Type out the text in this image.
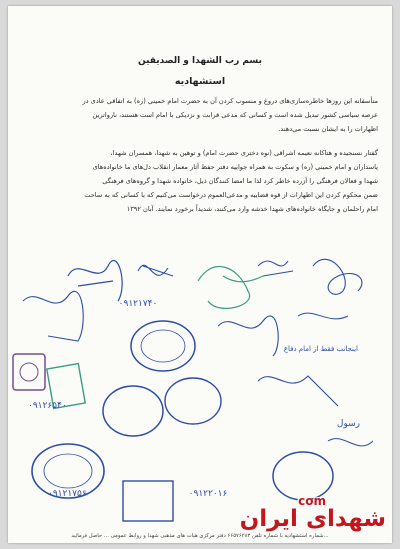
بسم رب الشهدا و الصدیقین
استشهادیه
متأسفانه این روزها خاطره‌سازی‌های دروغ و منسوب کردن آن به حضرت امام خمینی (ره) به اتفاقی عادی در
عرصه سیاسی کشور تبدیل شده است و کسانی که مدعی قرابت و نزدیکی با امام است هستند، ناروا‌ترین
اظهارات را به ایشان نسبت می‌دهند.
گفتار نسنجیده و هتاکانه نعیمه اشراقی (نوه دختری حضرت امام) و توهین به شهدا، همسران شهدا،
پاسداران و امام خمینی (ره) و سکوت به همراه جوابیه دفتر حفظ آثار معمار انقلاب دل‌های ما خانواده‌های
شهدا و فعالان فرهنگی را آزرده خاطر کرد لذا ما امضا کنندگان ذیل، خانواده شهدا و گروه‌های فرهنگی
ضمن محکوم کردن این اظهارات از قوه قضاییه و مدعی‌العموم درخواست می‌کنیم که با کسانی که به ساحت
امام راحلمان و جایگاه خانواده‌های شهدا خدشه وارد می‌کنند، شدیداً برخورد نمایند. آبان ۱۳۹۲
۰۹۱۲۱۷۴۰
اینجانب فقط از امام دفاع
۰۹۱۲۶۵۴۰
رسول
۰۹۱۲۱۷۵۶	۰۹۱۲۲۰۱۶
...شماره استشهادیه با شماره تلفن ۶۶۵۷۶۲۸۳ دفتر مرکزی هیأت های مذهبی شهدا و روابط عمومی ... حاصل فرمائید
com
شهدای ایران
